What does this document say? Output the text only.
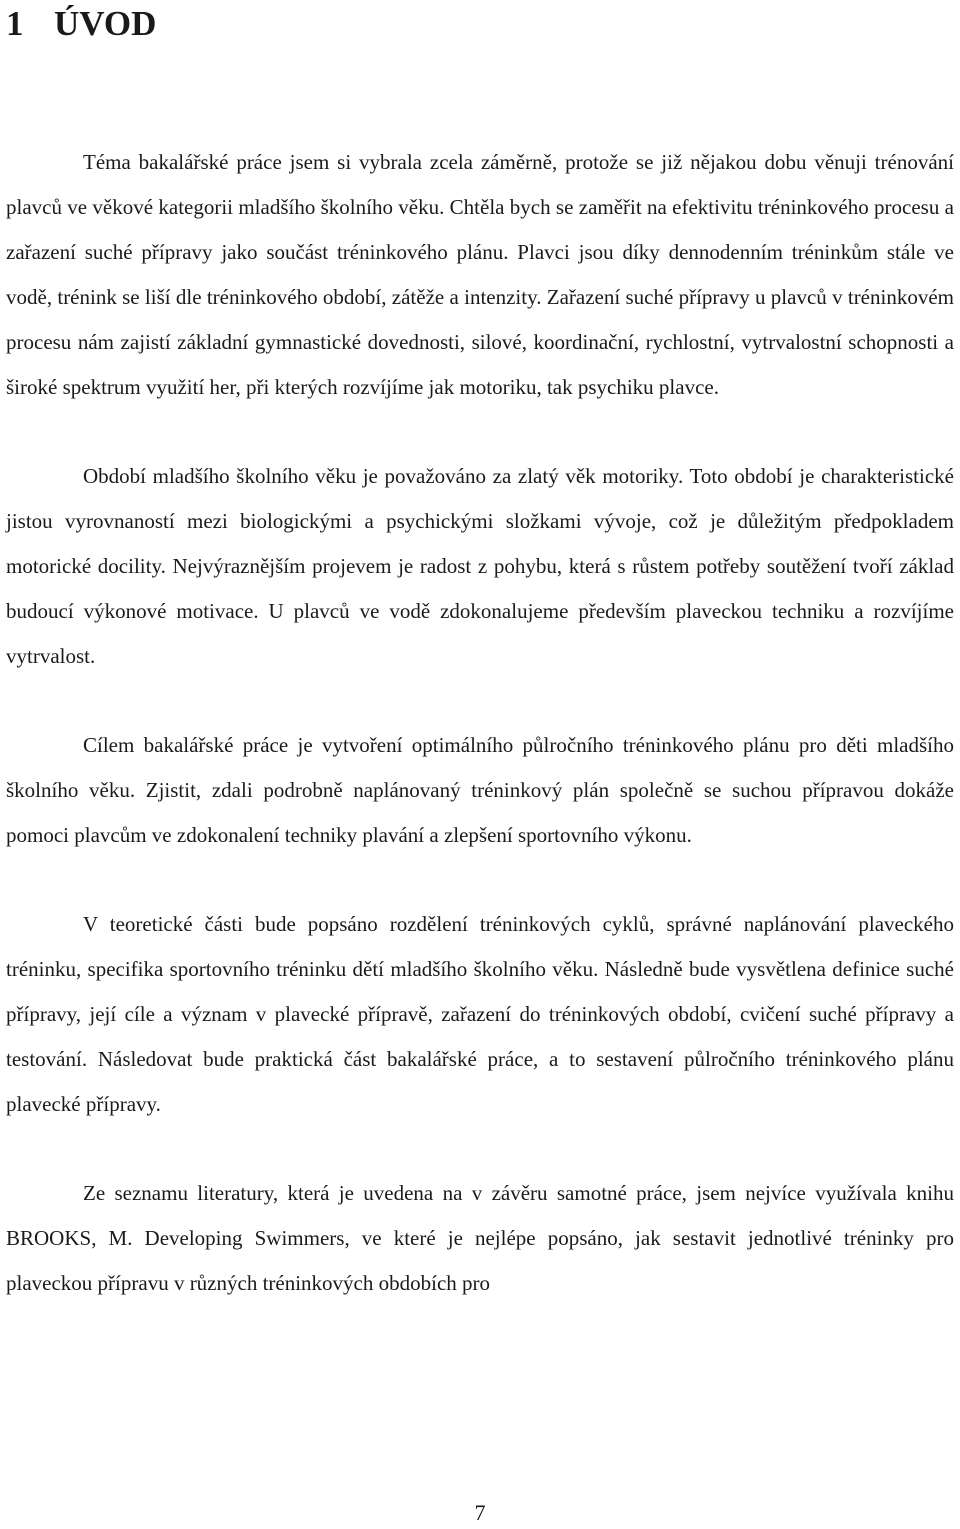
1 ÚVOD

Téma bakalářské práce jsem si vybrala zcela záměrně, protože se již nějakou dobu věnuji trénování plavců ve věkové kategorii mladšího školního věku. Chtěla bych se zaměřit na efektivitu tréninkového procesu a zařazení suché přípravy jako součást tréninkového plánu. Plavci jsou díky dennodenním tréninkům stále ve vodě, trénink se liší dle tréninkového období, zátěže a intenzity. Zařazení suché přípravy u plavců v tréninkovém procesu nám zajistí základní gymnastické dovednosti, silové, koordinační, rychlostní, vytrvalostní schopnosti a široké spektrum využití her, při kterých rozvíjíme jak motoriku, tak psychiku plavce.

Období mladšího školního věku je považováno za zlatý věk motoriky. Toto období je charakteristické jistou vyrovnaností mezi biologickými a psychickými složkami vývoje, což je důležitým předpokladem motorické docility. Nejvýraznějším projevem je radost z pohybu, která s růstem potřeby soutěžení tvoří základ budoucí výkonové motivace. U plavců ve vodě zdokonalujeme především plaveckou techniku a rozvíjíme vytrvalost.

Cílem bakalářské práce je vytvoření optimálního půlročního tréninkového plánu pro děti mladšího školního věku. Zjistit, zdali podrobně naplánovaný tréninkový plán společně se suchou přípravou dokáže pomoci plavcům ve zdokonalení techniky plavání a zlepšení sportovního výkonu.

V teoretické části bude popsáno rozdělení tréninkových cyklů, správné naplánování plaveckého tréninku, specifika sportovního tréninku dětí mladšího školního věku. Následně bude vysvětlena definice suché přípravy, její cíle a význam v plavecké přípravě, zařazení do tréninkových období, cvičení suché přípravy a testování. Následovat bude praktická část bakalářské práce, a to sestavení půlročního tréninkového plánu plavecké přípravy.

Ze seznamu literatury, která je uvedena na v závěru samotné práce, jsem nejvíce využívala knihu BROOKS, M. Developing Swimmers, ve které je nejlépe popsáno, jak sestavit jednotlivé tréninky pro plaveckou přípravu v různých tréninkových obdobích pro

7
